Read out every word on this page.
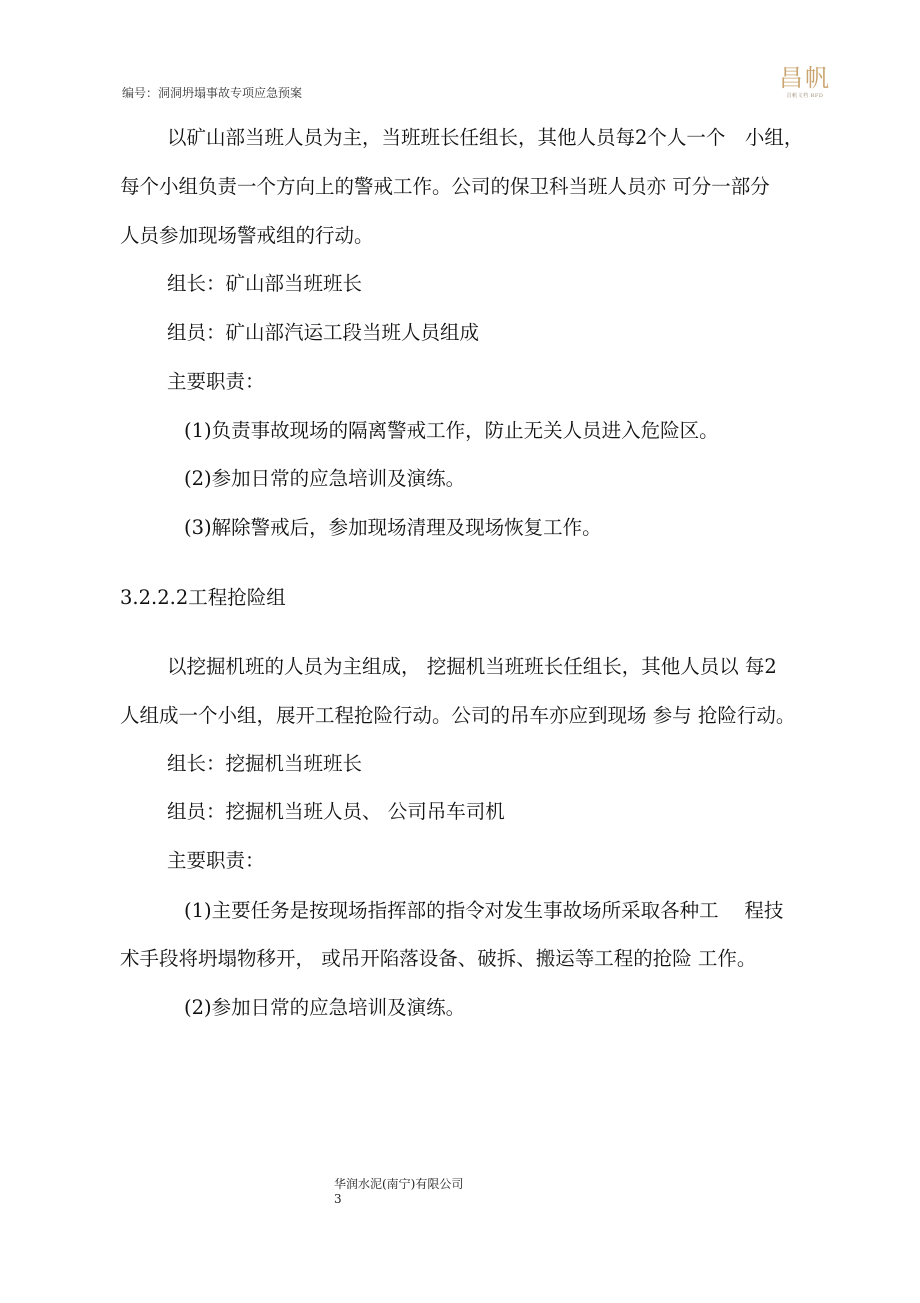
编号：洞洞坍塌事故专项应急预案
昌帆
昌帆文档 RFD
以矿山部当班人员为主，当班班长任组长，其他人员每2个人一个　小组，
每个小组负责一个方向上的警戒工作。公司的保卫科当班人员亦 可分一部分
人员参加现场警戒组的行动。
组长：矿山部当班班长
组员：矿山部汽运工段当班人员组成
主要职责：
(1)负责事故现场的隔离警戒工作，防止无关人员进入危险区。
(2)参加日常的应急培训及演练。
(3)解除警戒后，参加现场清理及现场恢复工作。
3.2.2.2工程抢险组
以挖掘机班的人员为主组成， 挖掘机当班班长任组长，其他人员以 每2
人组成一个小组，展开工程抢险行动。公司的吊车亦应到现场 参与 抢险行动。
组长：挖掘机当班班长
组员：挖掘机当班人员、 公司吊车司机
主要职责：
(1)主要任务是按现场指挥部的指令对发生事故场所采取各种工　 程技
术手段将坍塌物移开， 或吊开陷落设备、破拆、搬运等工程的抢险 工作。
(2)参加日常的应急培训及演练。
华润水泥(南宁)有限公司
3
